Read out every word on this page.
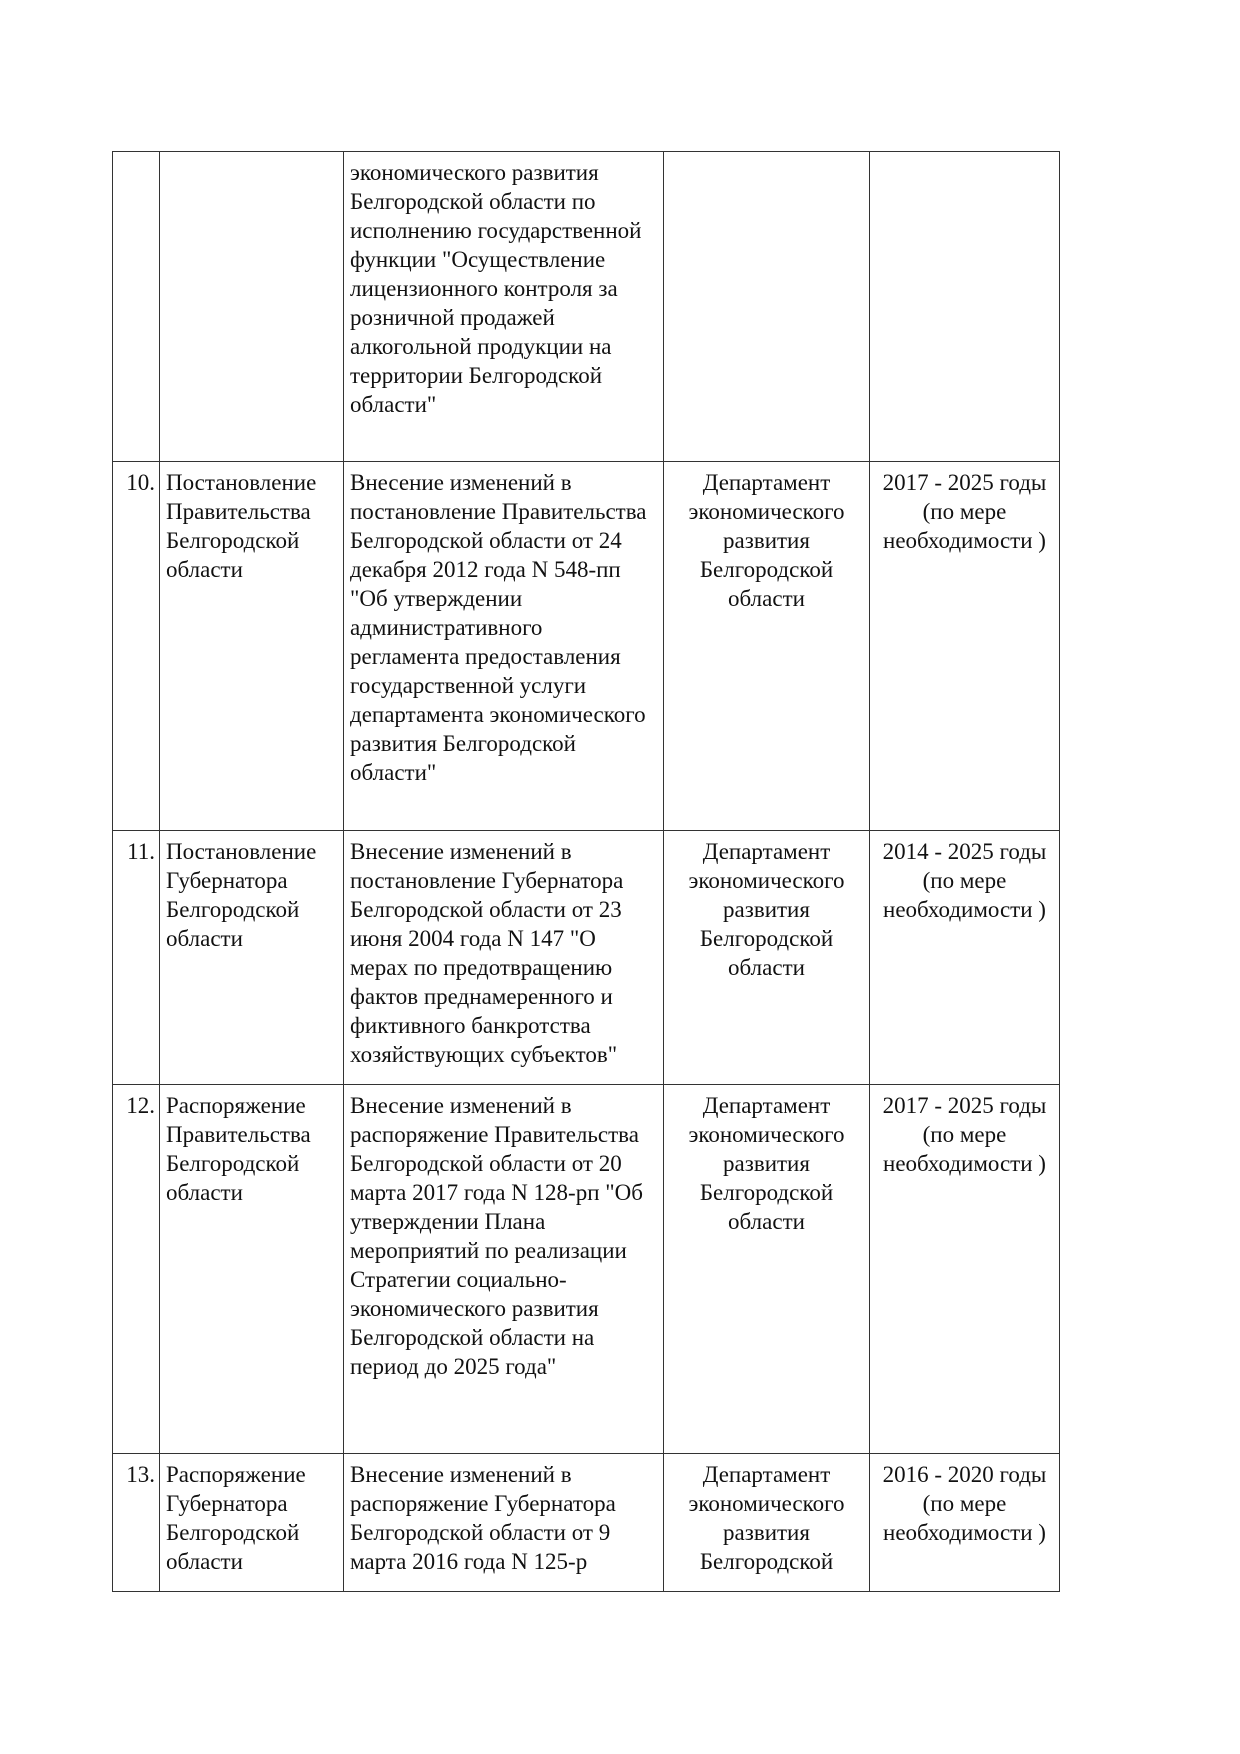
		экономического развития Белгородской области по исполнению государственной функции "Осуществление лицензионного контроля за розничной продажей алкогольной продукции на территории Белгородской области"		
10.	Постановление Правительства Белгородской области	Внесение изменений в постановление Правительства Белгородской области от 24 декабря 2012 года N 548-пп "Об утверждении административного регламента предоставления государственной услуги департамента экономического развития Белгородской области"	Департамент экономического развития Белгородской области	2017 - 2025 годы (по мере необходимости )
11.	Постановление Губернатора Белгородской области	Внесение изменений в постановление Губернатора Белгородской области от 23 июня 2004 года N 147 "О мерах по предотвращению фактов преднамеренного и фиктивного банкротства хозяйствующих субъектов"	Департамент экономического развития Белгородской области	2014 - 2025 годы (по мере необходимости )
12.	Распоряжение Правительства Белгородской области	Внесение изменений в распоряжение Правительства Белгородской области от 20 марта 2017 года N 128-рп "Об утверждении Плана мероприятий по реализации Стратегии социально-экономического развития Белгородской области на период до 2025 года"	Департамент экономического развития Белгородской области	2017 - 2025 годы (по мере необходимости )
13.	Распоряжение Губернатора Белгородской области	Внесение изменений в распоряжение Губернатора Белгородской области от 9 марта 2016 года N 125-р	Департамент экономического развития Белгородской	2016 - 2020 годы (по мере необходимости )
